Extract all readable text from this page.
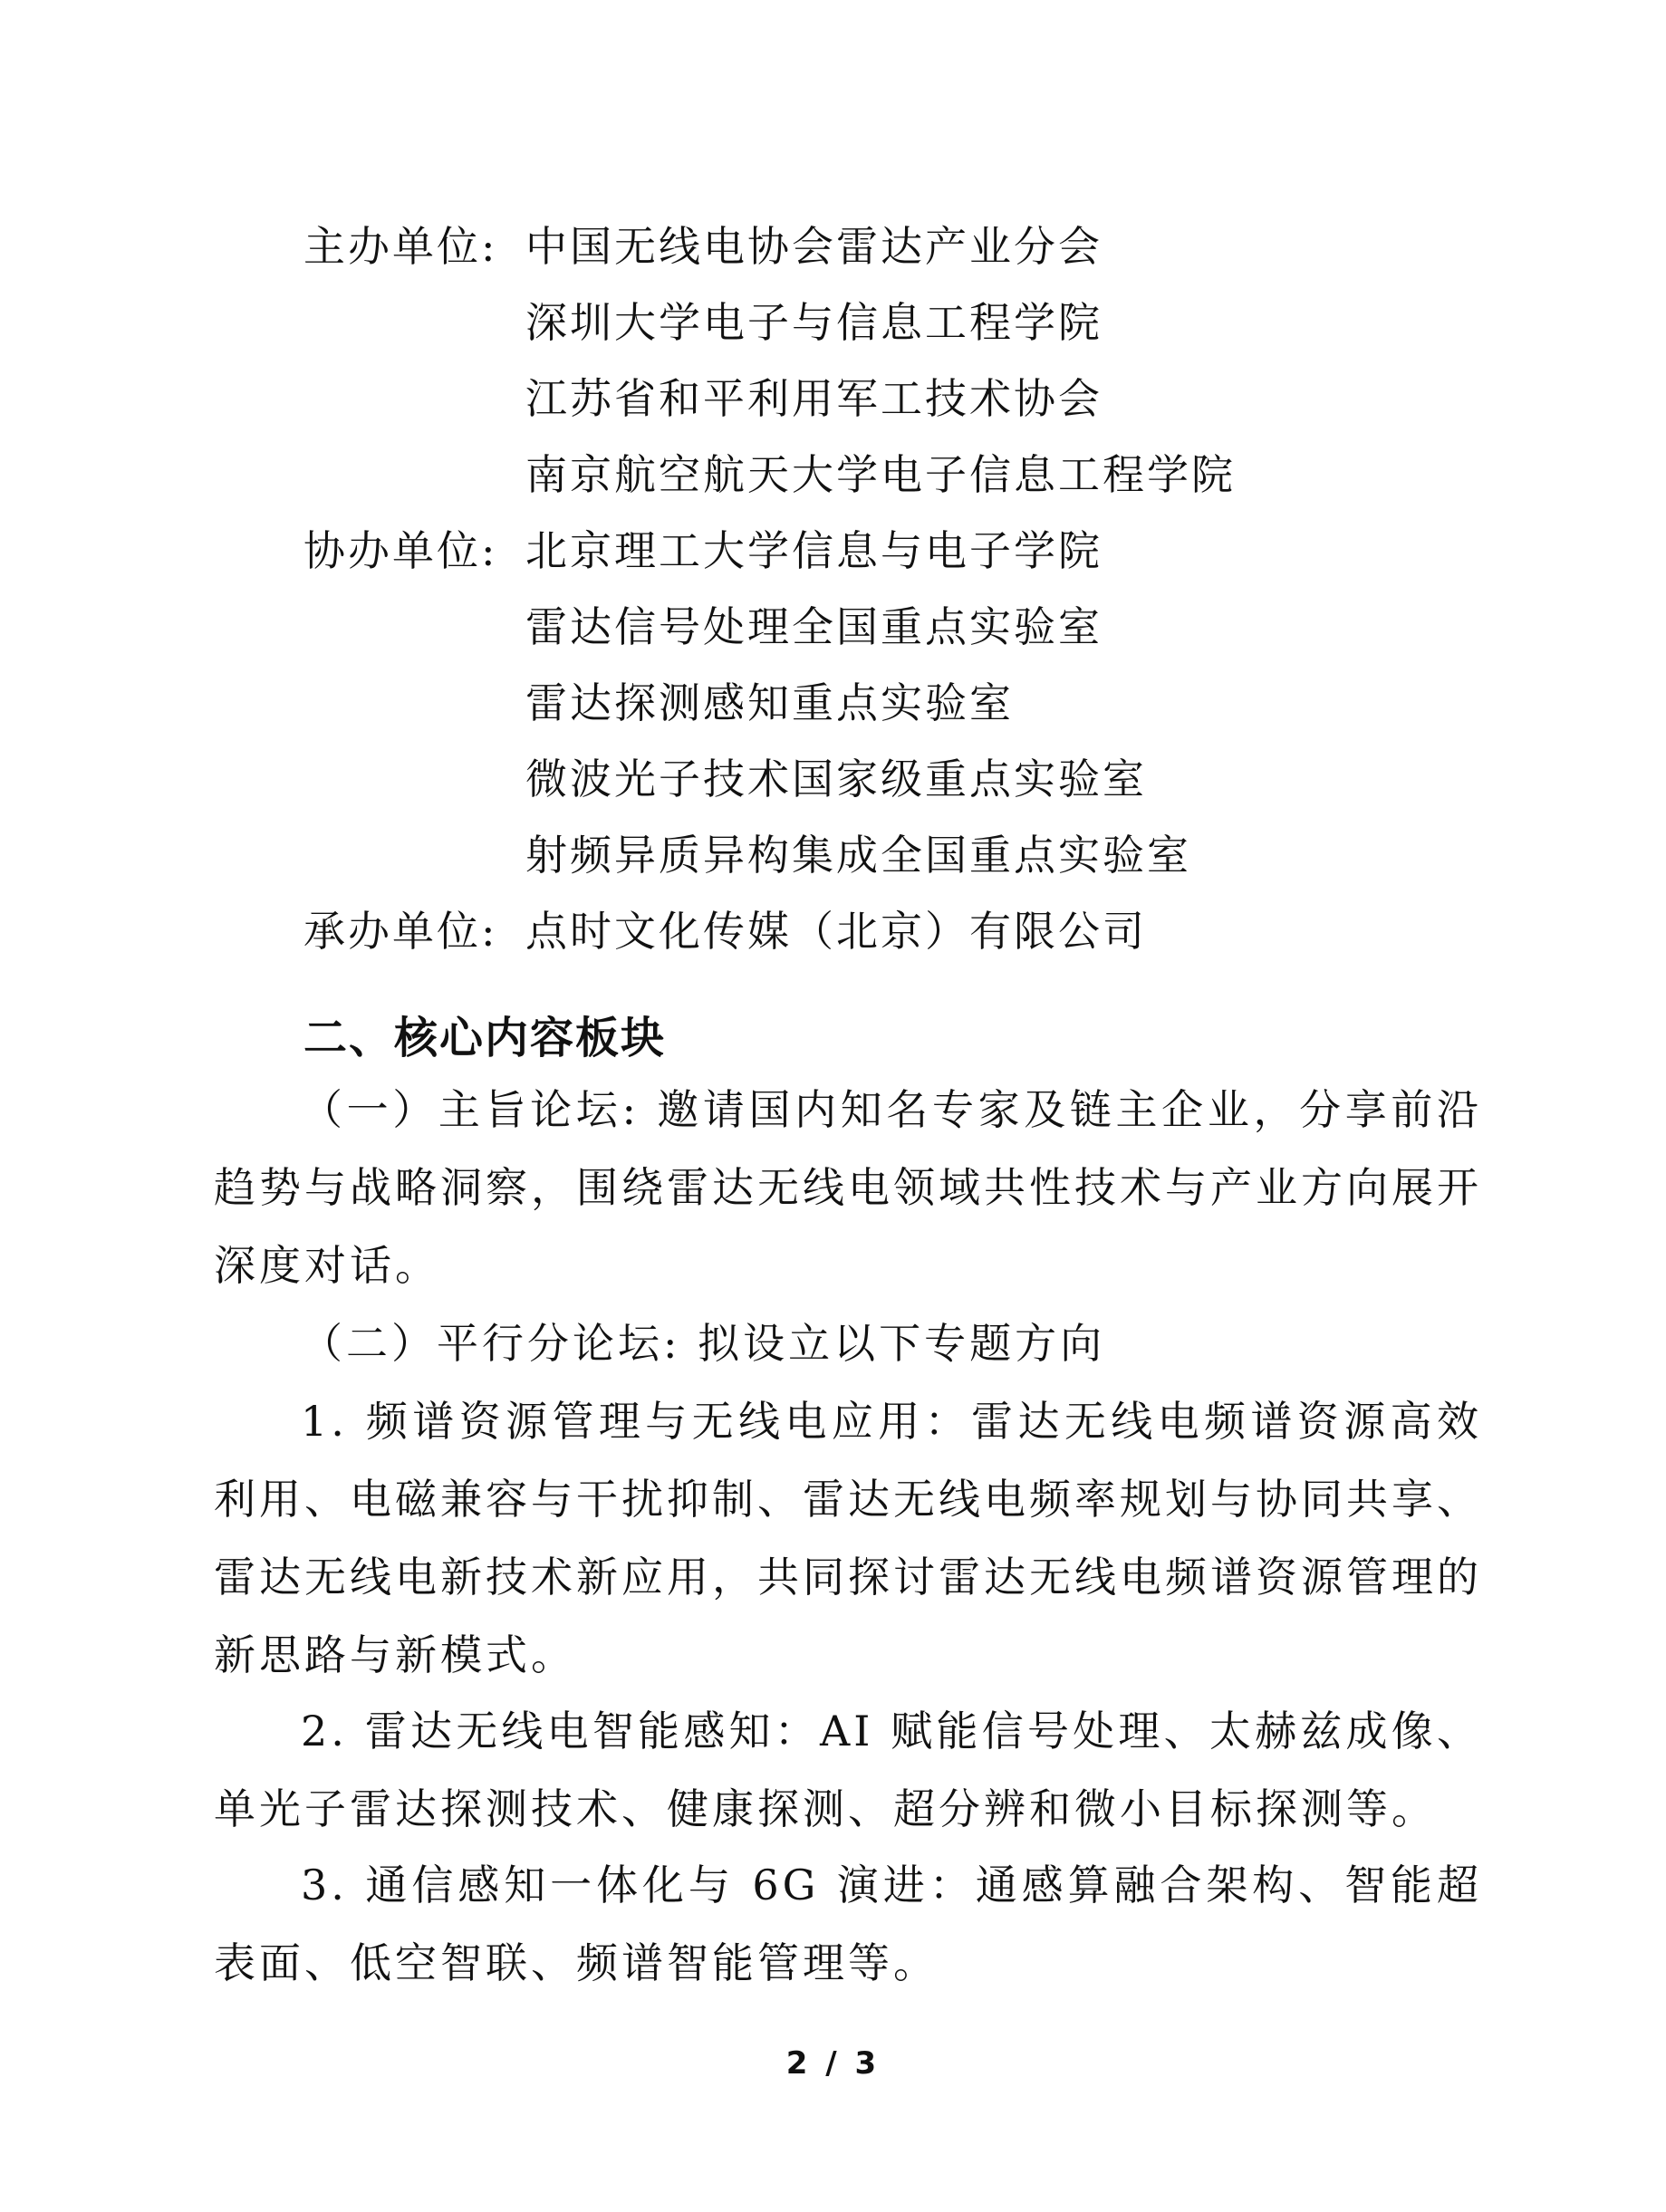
主办单位: 中国无线电协会雷达产业分会
深圳大学电子与信息工程学院
江苏省和平利用军工技术协会
南京航空航天大学电子信息工程学院
协办单位: 北京理工大学信息与电子学院
雷达信号处理全国重点实验室
雷达探测感知重点实验室
微波光子技术国家级重点实验室
射频异质异构集成全国重点实验室
承办单位: 点时文化传媒（北京）有限公司
二、核心内容板块

（一）主旨论坛: 邀请国内知名专家及链主企业，分享前沿趋势与战略洞察，围绕雷达无线电领域共性技术与产业方向展开深度对话。

（二）平行分论坛: 拟设立以下专题方向

1. 频谱资源管理与无线电应用：雷达无线电频谱资源高效利用、电磁兼容与干扰抑制、雷达无线电频率规划与协同共享、雷达无线电新技术新应用，共同探讨雷达无线电频谱资源管理的新思路与新模式。

2. 雷达无线电智能感知：AI 赋能信号处理、太赫兹成像、单光子雷达探测技术、健康探测、超分辨和微小目标探测等。

3. 通信感知一体化与 6G 演进：通感算融合架构、智能超表面、低空智联、频谱智能管理等。

2 / 3
